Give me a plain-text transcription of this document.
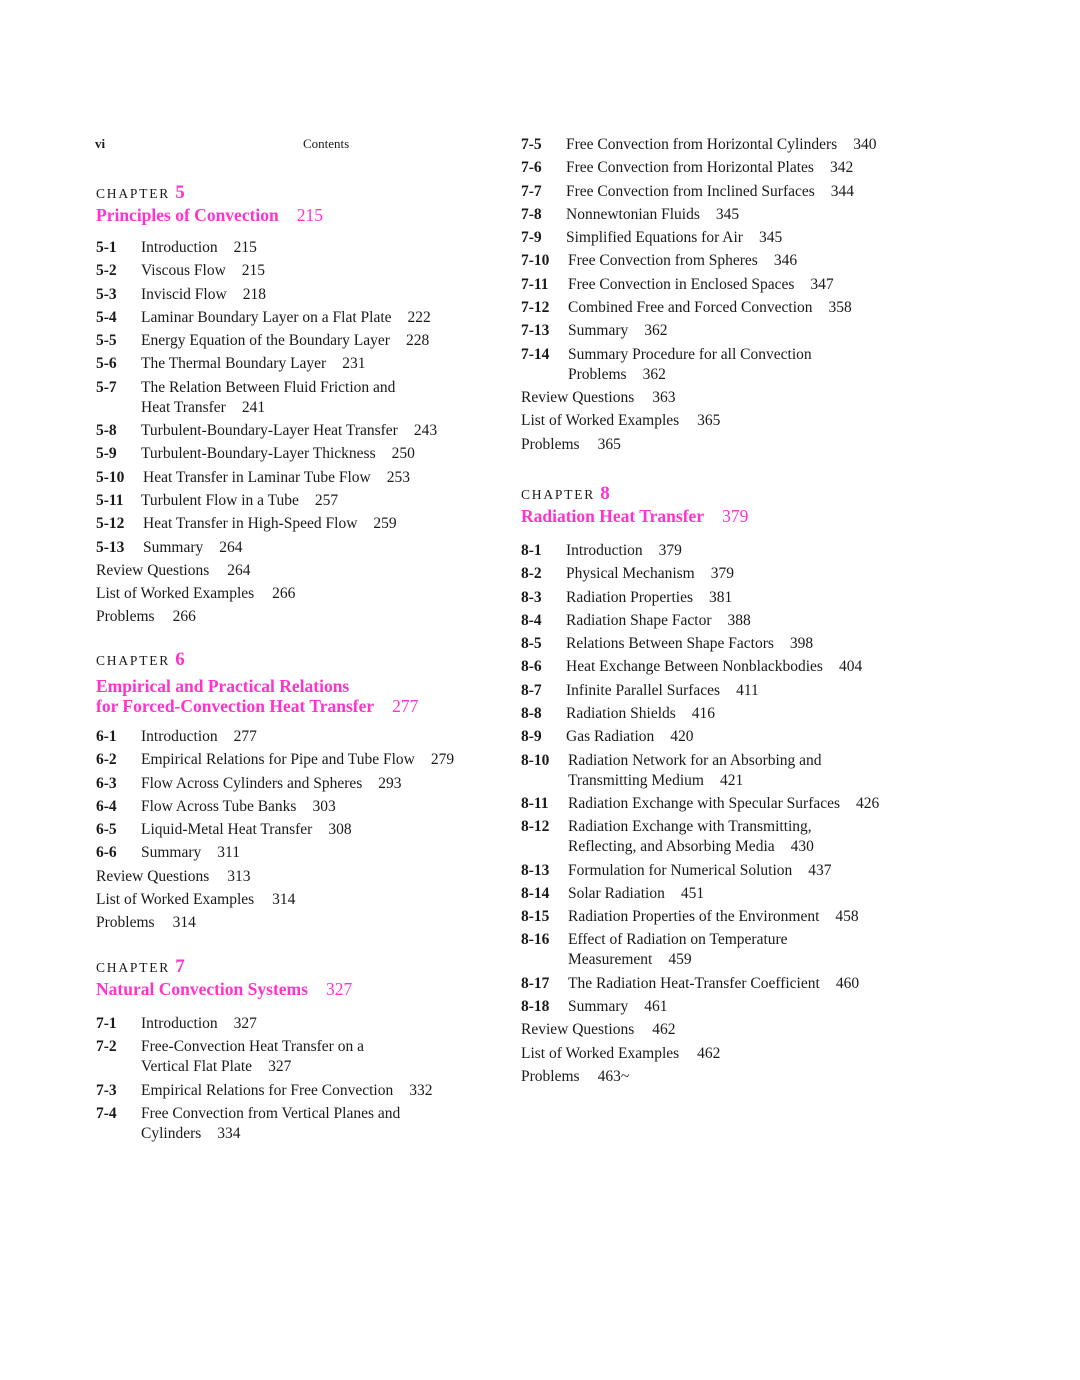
vi	Contents
CHAPTER 5
Principles of Convection 215
5-1	Introduction 215
5-2	Viscous Flow 215
5-3	Inviscid Flow 218
5-4	Laminar Boundary Layer on a Flat Plate 222
5-5	Energy Equation of the Boundary Layer 228
5-6	The Thermal Boundary Layer 231
5-7	The Relation Between Fluid Friction and Heat Transfer 241
5-8	Turbulent-Boundary-Layer Heat Transfer 243
5-9	Turbulent-Boundary-Layer Thickness 250
5-10	Heat Transfer in Laminar Tube Flow 253
5-11	Turbulent Flow in a Tube 257
5-12	Heat Transfer in High-Speed Flow 259
5-13	Summary 264
Review Questions 264
List of Worked Examples 266
Problems 266
CHAPTER 6
Empirical and Practical Relations
for Forced-Convection Heat Transfer 277
6-1	Introduction 277
6-2	Empirical Relations for Pipe and Tube Flow 279
6-3	Flow Across Cylinders and Spheres 293
6-4	Flow Across Tube Banks 303
6-5	Liquid-Metal Heat Transfer 308
6-6	Summary 311
Review Questions 313
List of Worked Examples 314
Problems 314
CHAPTER 7
Natural Convection Systems 327
7-1	Introduction 327
7-2	Free-Convection Heat Transfer on a Vertical Flat Plate 327
7-3	Empirical Relations for Free Convection 332
7-4	Free Convection from Vertical Planes and Cylinders 334
7-5	Free Convection from Horizontal Cylinders 340
7-6	Free Convection from Horizontal Plates 342
7-7	Free Convection from Inclined Surfaces 344
7-8	Nonnewtonian Fluids 345
7-9	Simplified Equations for Air 345
7-10	Free Convection from Spheres 346
7-11	Free Convection in Enclosed Spaces 347
7-12	Combined Free and Forced Convection 358
7-13	Summary 362
7-14	Summary Procedure for all Convection Problems 362
Review Questions 363
List of Worked Examples 365
Problems 365
CHAPTER 8
Radiation Heat Transfer 379
8-1	Introduction 379
8-2	Physical Mechanism 379
8-3	Radiation Properties 381
8-4	Radiation Shape Factor 388
8-5	Relations Between Shape Factors 398
8-6	Heat Exchange Between Nonblackbodies 404
8-7	Infinite Parallel Surfaces 411
8-8	Radiation Shields 416
8-9	Gas Radiation 420
8-10	Radiation Network for an Absorbing and Transmitting Medium 421
8-11	Radiation Exchange with Specular Surfaces 426
8-12	Radiation Exchange with Transmitting, Reflecting, and Absorbing Media 430
8-13	Formulation for Numerical Solution 437
8-14	Solar Radiation 451
8-15	Radiation Properties of the Environment 458
8-16	Effect of Radiation on Temperature Measurement 459
8-17	The Radiation Heat-Transfer Coefficient 460
8-18	Summary 461
Review Questions 462
List of Worked Examples 462
Problems 463~
